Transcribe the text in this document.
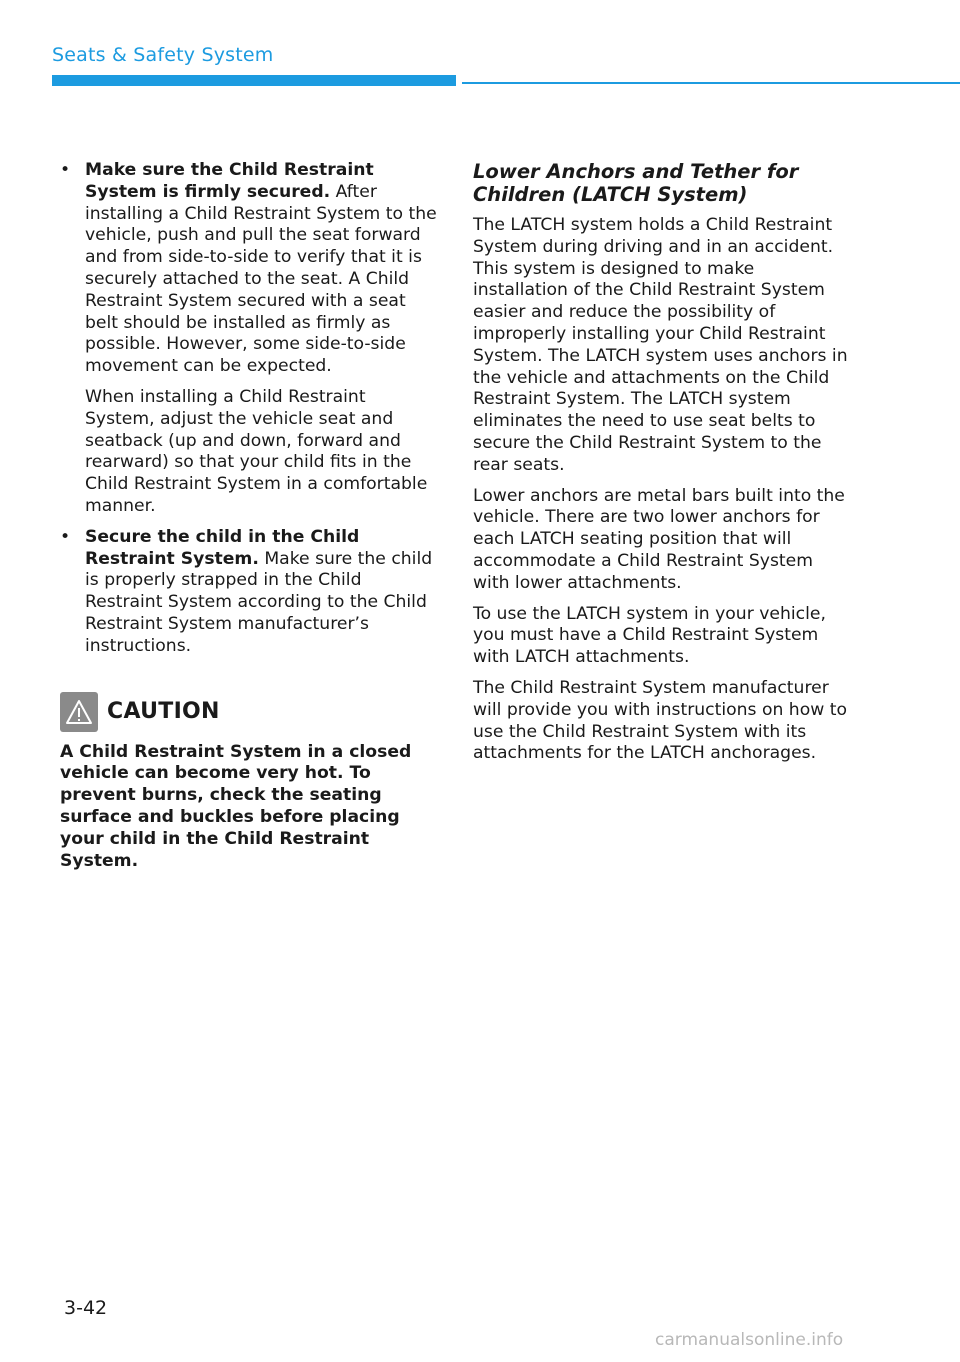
Seats & Safety System
• Make sure the Child Restraint System is firmly secured. After installing a Child Restraint System to the vehicle, push and pull the seat forward and from side-to-side to verify that it is securely attached to the seat. A Child Restraint System secured with a seat belt should be installed as firmly as possible. However, some side-to-side movement can be expected.

When installing a Child Restraint System, adjust the vehicle seat and seatback (up and down, forward and rearward) so that your child fits in the Child Restraint System in a comfortable manner.

• Secure the child in the Child Restraint System. Make sure the child is properly strapped in the Child Restraint System according to the Child Restraint System manufacturer’s instructions.

CAUTION
A Child Restraint System in a closed vehicle can become very hot. To prevent burns, check the seating surface and buckles before placing your child in the Child Restraint System.
Lower Anchors and Tether for Children (LATCH System)

The LATCH system holds a Child Restraint System during driving and in an accident. This system is designed to make installation of the Child Restraint System easier and reduce the possibility of improperly installing your Child Restraint System. The LATCH system uses anchors in the vehicle and attachments on the Child Restraint System. The LATCH system eliminates the need to use seat belts to secure the Child Restraint System to the rear seats.

Lower anchors are metal bars built into the vehicle. There are two lower anchors for each LATCH seating position that will accommodate a Child Restraint System with lower attachments.

To use the LATCH system in your vehicle, you must have a Child Restraint System with LATCH attachments.

The Child Restraint System manufacturer will provide you with instructions on how to use the Child Restraint System with its attachments for the LATCH anchorages.

3-42
carmanualsonline.info
